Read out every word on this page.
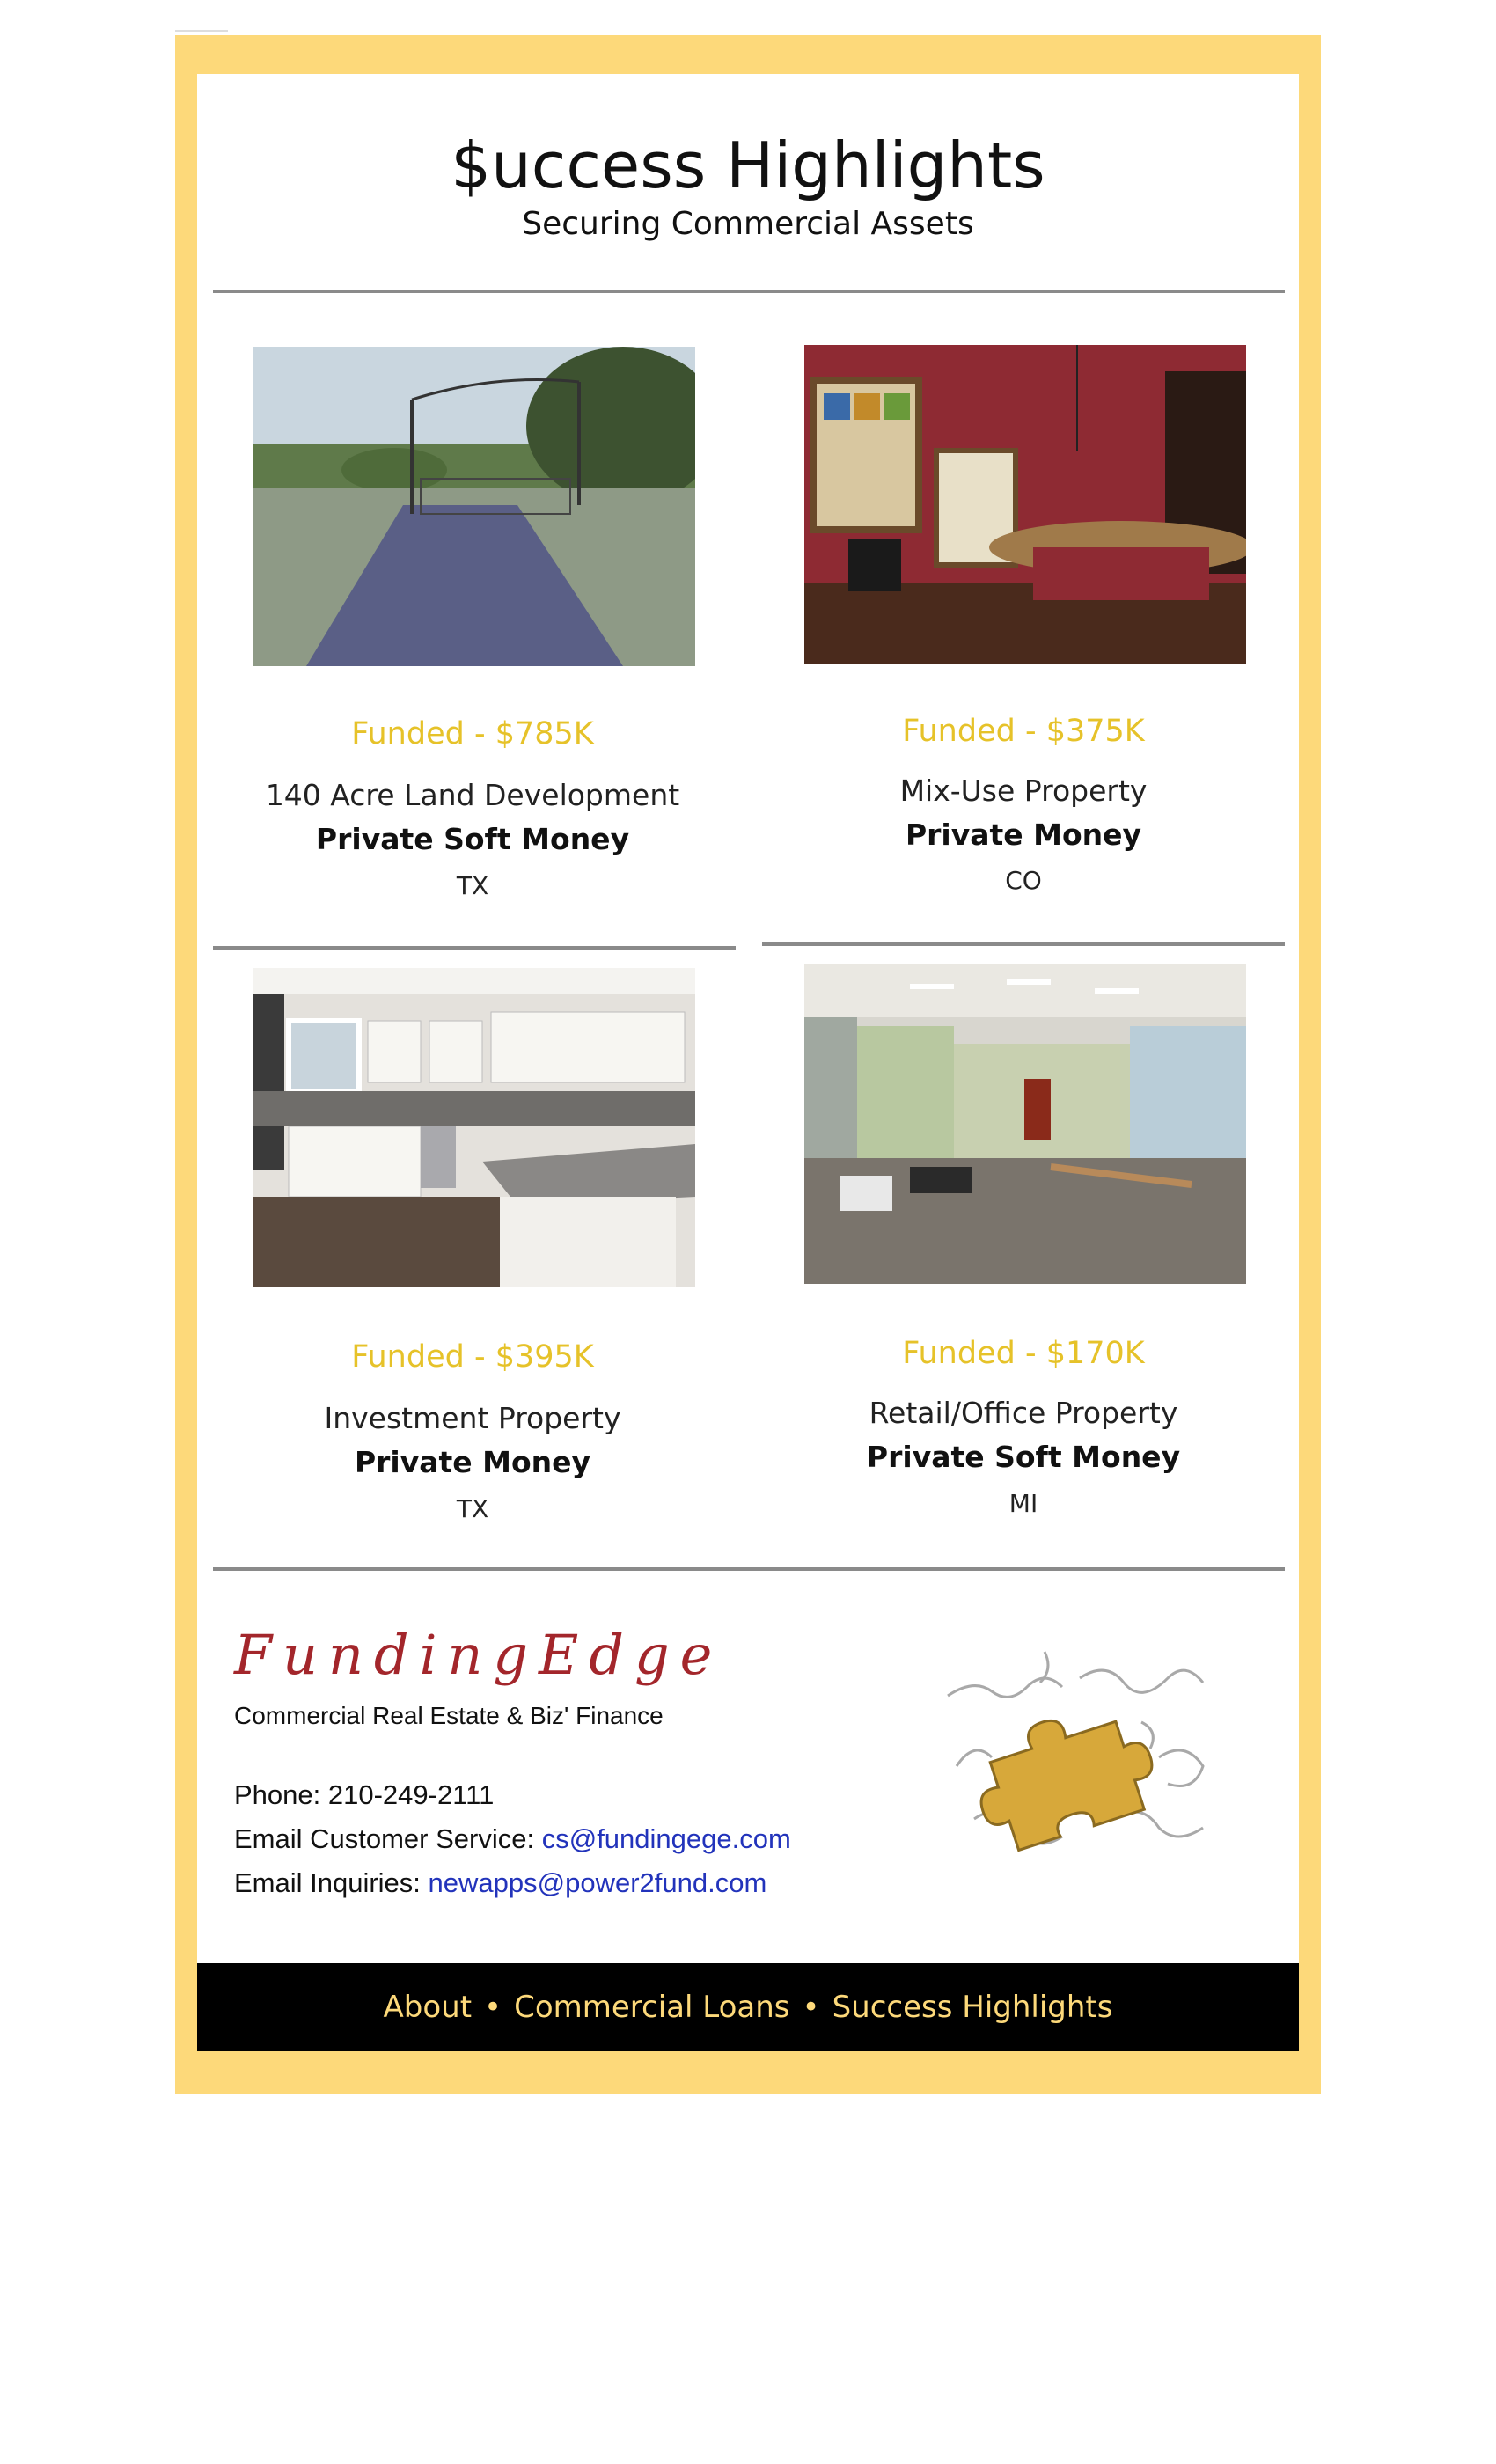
$uccess Highlights
Securing Commercial Assets
Funded - $785K
140 Acre Land Development
Private Soft Money
TX
Funded - $375K
Mix-Use Property
Private Money
CO
Funded - $395K
Investment Property
Private Money
TX
Funded - $170K
Retail/Office Property
Private Soft Money
MI
FundingEdge
Commercial Real Estate & Biz' Finance
Phone: 210-249-2111
Email Customer Service: cs@fundingege.com
Email Inquiries: newapps@power2fund.com
About • Commercial Loans • Success Highlights
